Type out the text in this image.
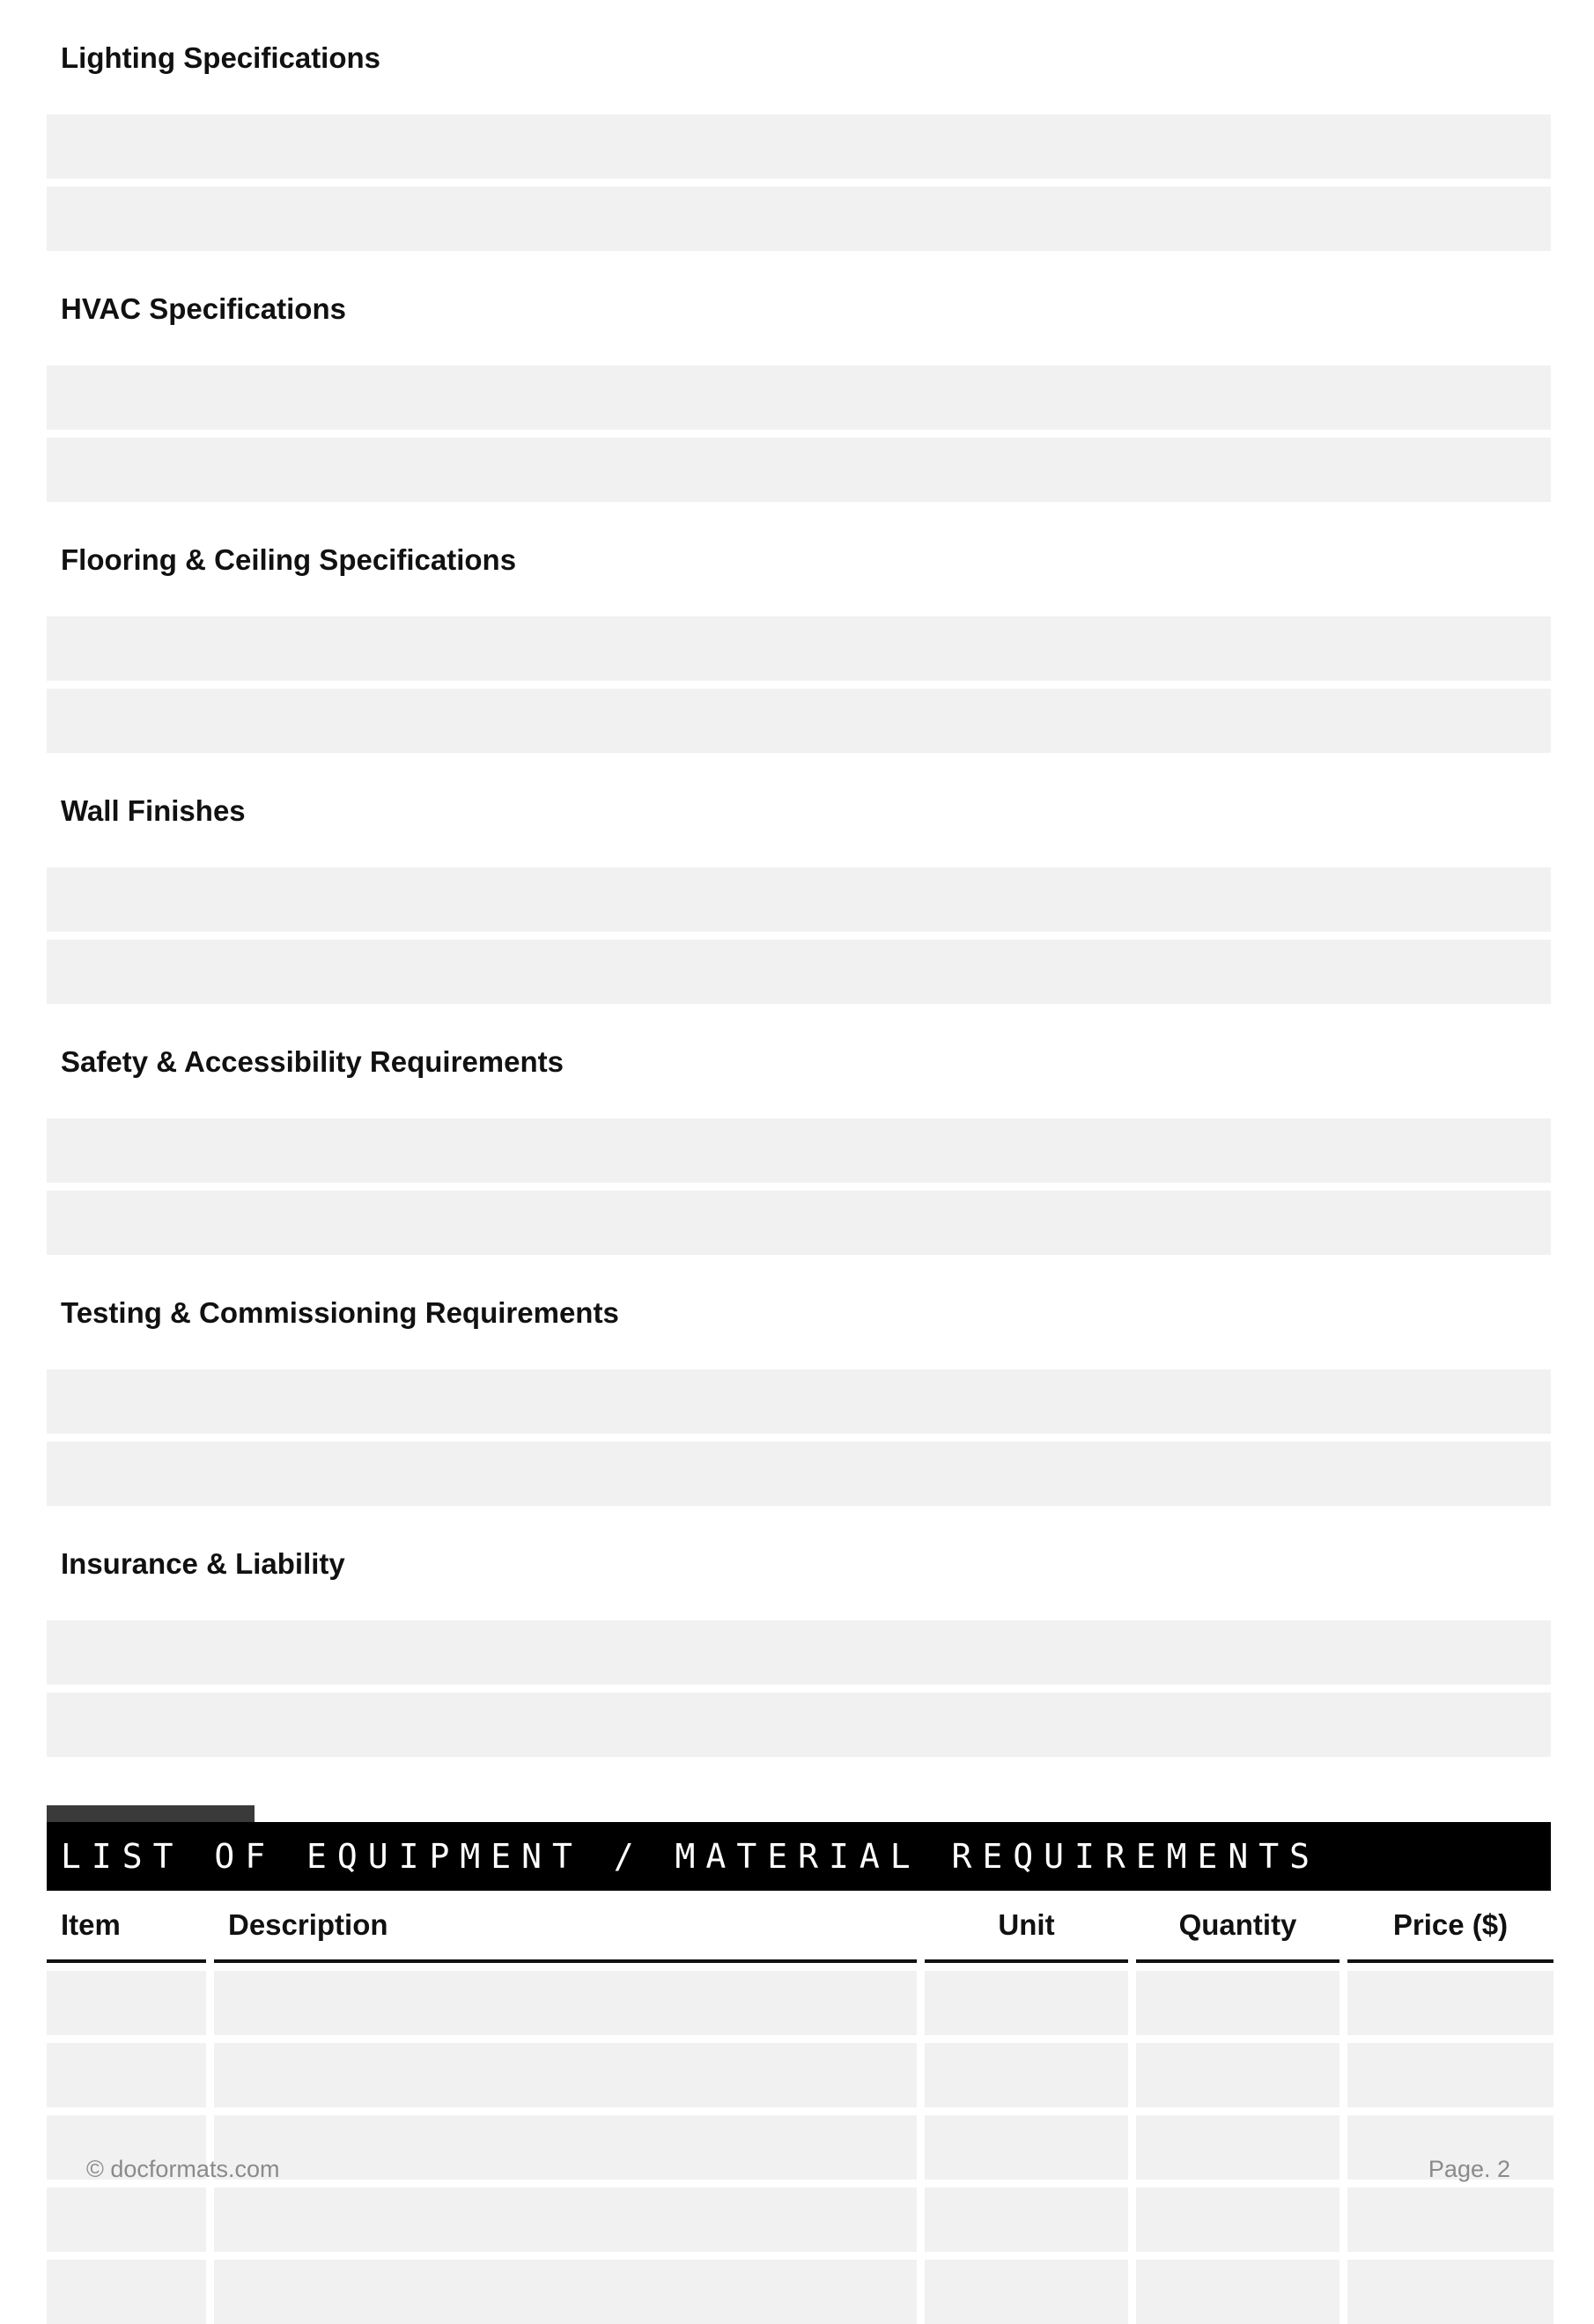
Lighting Specifications
HVAC Specifications
Flooring & Ceiling Specifications
Wall Finishes
Safety & Accessibility Requirements
Testing & Commissioning Requirements
Insurance & Liability
LIST OF EQUIPMENT / MATERIAL REQUIREMENTS
Item	Description	Unit	Quantity	Price ($)
© docformats.com	Page. 2
